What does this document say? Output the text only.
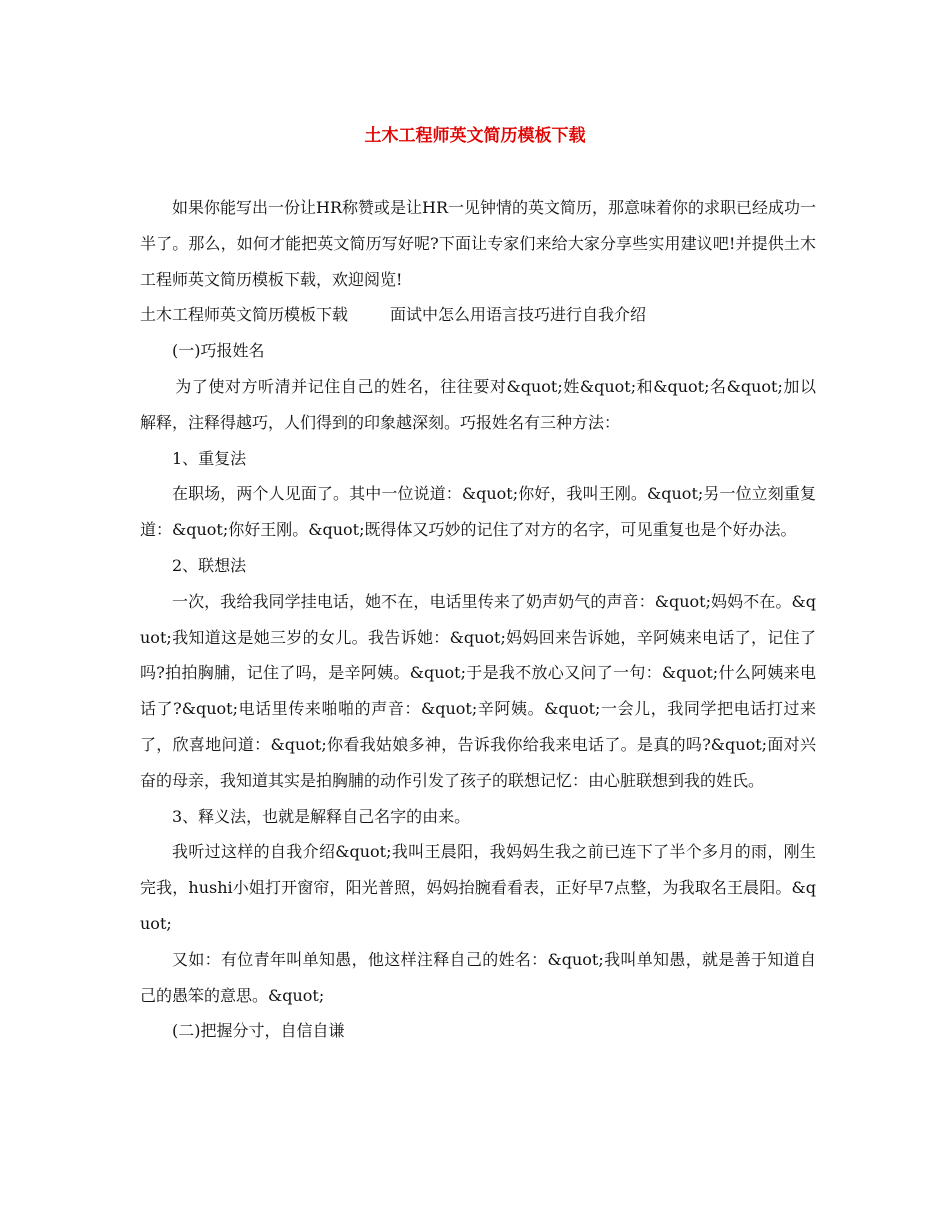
土木工程师英文简历模板下载

如果你能写出一份让HR称赞或是让HR一见钟情的英文简历，那意味着你的求职已经成功一半了。那么，如何才能把英文简历写好呢?下面让专家们来给大家分享些实用建议吧!并提供土木工程师英文简历模板下载，欢迎阅览!

土木工程师英文简历模板下载	面试中怎么用语言技巧进行自我介绍

(一)巧报姓名

为了使对方听清并记住自己的姓名，往往要对&quot;姓&quot;和&quot;名&quot;加以解释，注释得越巧，人们得到的印象越深刻。巧报姓名有三种方法：

1、重复法

在职场，两个人见面了。其中一位说道：&quot;你好，我叫王刚。&quot;另一位立刻重复道：&quot;你好王刚。&quot;既得体又巧妙的记住了对方的名字，可见重复也是个好办法。

2、联想法

一次，我给我同学挂电话，她不在，电话里传来了奶声奶气的声音：&quot;妈妈不在。&quot;我知道这是她三岁的女儿。我告诉她：&quot;妈妈回来告诉她，辛阿姨来电话了，记住了吗?拍拍胸脯，记住了吗，是辛阿姨。&quot;于是我不放心又问了一句：&quot;什么阿姨来电话了?&quot;电话里传来啪啪的声音：&quot;辛阿姨。&quot;一会儿，我同学把电话打过来了，欣喜地问道：&quot;你看我姑娘多神，告诉我你给我来电话了。是真的吗?&quot;面对兴奋的母亲，我知道其实是拍胸脯的动作引发了孩子的联想记忆：由心脏联想到我的姓氏。

3、释义法，也就是解释自己名字的由来。

我听过这样的自我介绍&quot;我叫王晨阳，我妈妈生我之前已连下了半个多月的雨，刚生完我，hushi小姐打开窗帘，阳光普照，妈妈抬腕看看表，正好早7点整，为我取名王晨阳。&quot;

又如：有位青年叫单知愚，他这样注释自己的姓名：&quot;我叫单知愚，就是善于知道自己的愚笨的意思。&quot;

(二)把握分寸，自信自谦
